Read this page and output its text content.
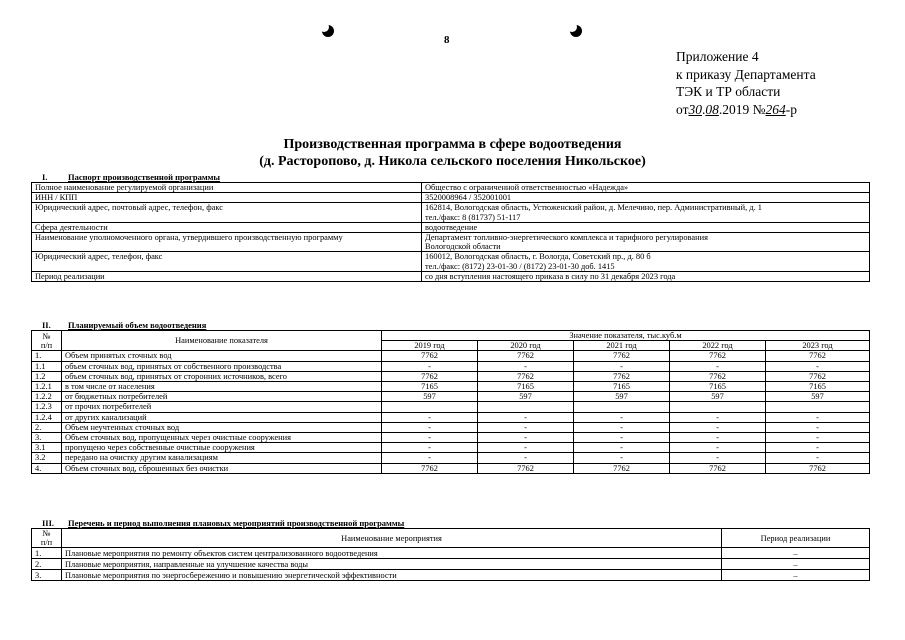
8
Приложение 4
к приказу Департамента
ТЭК и ТР области
от30.08.2019 №264-р
Производственная программа в сфере водоотведения
(д. Расторопово, д. Никола сельского поселения Никольское)
I. Паспорт производственной программы
Полное наименование регулируемой организации	Общество с ограниченной ответственностью «Надежда»
ИНН / КПП	3520008964 / 352001001
Юридический адрес, почтовый адрес, телефон, факс	162814, Вологодская область, Устюженский район, д. Мелечино, пер. Административный, д. 1
тел./факс: 8 (81737) 51-117

Сфера деятельности	водоотведение
Наименование уполномоченного органа, утвердившего производственную программу	Департамент топливно-энергетического комплекса и тарифного регулирования
Вологодской области

Юридический адрес, телефон, факс	160012, Вологодская область, г. Вологда, Советский пр., д. 80 б
тел./факс: (8172) 23-01-30 / (8172) 23-01-30 доб. 1415

Период реализации	со дня вступления настоящего приказа в силу по 31 декабря 2023 года
II. Планируемый объем водоотведения
№
п/п	Наименование показателя	Значение показателя, тыс.куб.м				
		2019 год	2020 год	2021 год	2022 год	2023 год
1.	Объем принятых сточных вод	7762	7762	7762	7762	7762
1.1	объем сточных вод, принятых от собственного производства	-	-	-	-	-
1.2	объем сточных вод, принятых от сторонних источников, всего	7762	7762	7762	7762	7762
1.2.1	в том числе от населения	7165	7165	7165	7165	7165
1.2.2	от бюджетных потребителей	597	597	597	597	597
1.2.3	от прочих потребителей					
1.2.4	от других канализаций	-	-	-	-	-
2.	Объем неучтенных сточных вод	-	-	-	-	-
3.	Объем сточных вод, пропущенных через очистные сооружения	-	-	-	-	-
3.1	пропущено через собственные очистные сооружения	-	-	-	-	-
3.2	передано на очистку другим канализациям	-	-	-	-	-
4.	Объем сточных вод, сброшенных без очистки	7762	7762	7762	7762	7762
III. Перечень и период выполнения плановых мероприятий производственной программы
№
п/п	Наименование мероприятия	Период реализации
1.	Плановые мероприятия по ремонту объектов систем централизованного водоотведения	–
2.	Плановые мероприятия, направленные на улучшение качества воды	–
3.	Плановые мероприятия по энергосбережению и повышению энергетической эффективности	–
